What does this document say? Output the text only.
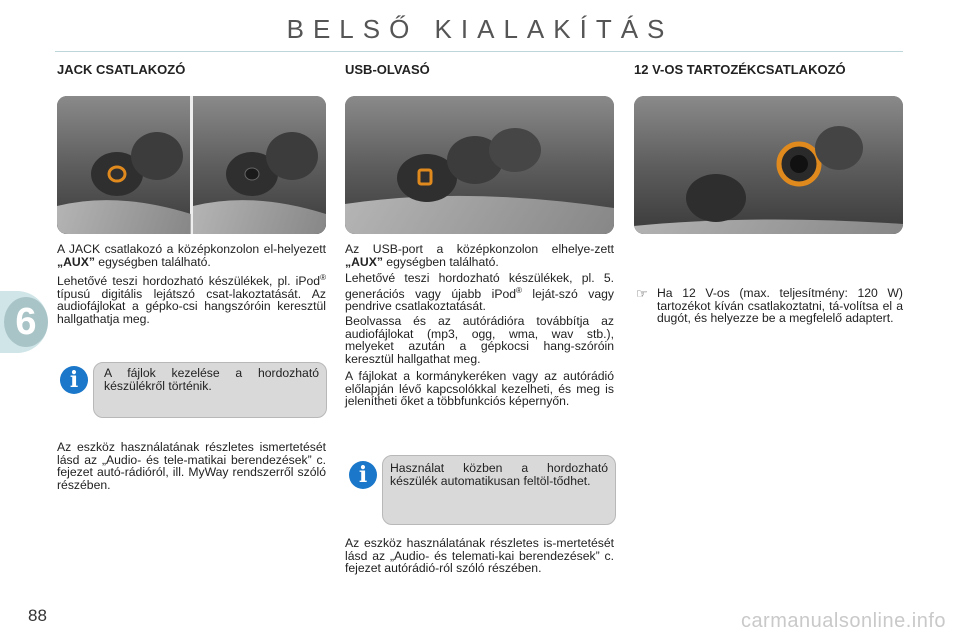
BELSŐ KIALAKÍTÁS
6
JACK CSATLAKOZÓ

A JACK csatlakozó a középkonzolon el-helyezett „AUX” egységben található.

Lehetővé teszi hordozható készülékek, pl. iPod® típusú digitális lejátszó csat-lakoztatását. Az audiofájlokat a gépko-csi hangszóróin keresztül hallgathatja meg.

i	A fájlok kezelése a hordozható készülékről történik.

Az eszköz használatának részletes ismertetését lásd az „Audio- és tele-matikai berendezések” c. fejezet autó-rádióról, ill. MyWay rendszerről szóló részében.

USB-OLVASÓ

Az USB-port a középkonzolon elhelye-zett „AUX” egységben található.

Lehetővé teszi hordozható készülékek, pl. 5. generációs vagy újabb iPod® leját-szó vagy pendrive csatlakoztatását.

Beolvassa és az autórádióra továbbítja az audiofájlokat (mp3, ogg, wma, wav stb.), melyeket azután a gépkocsi hang-szóróin keresztül hallgathat meg.

A fájlokat a kormánykeréken vagy az autórádió előlapján lévő kapcsolókkal kezelheti, és meg is jelenítheti őket a többfunkciós képernyőn.

i	Használat közben a hordozható készülék automatikusan feltöl-tődhet.

Az eszköz használatának részletes is-mertetését lásd az „Audio- és telemati-kai berendezések” c. fejezet autórádió-ról szóló részében.

12 V-OS TARTOZÉKCSATLAKOZÓ
☞ Ha 12 V-os (max. teljesítmény: 120 W) tartozékot kíván csatlakoztatni, tá-volítsa el a dugót, és helyezze be a megfelelő adaptert.

88	carmanualsonline.info
